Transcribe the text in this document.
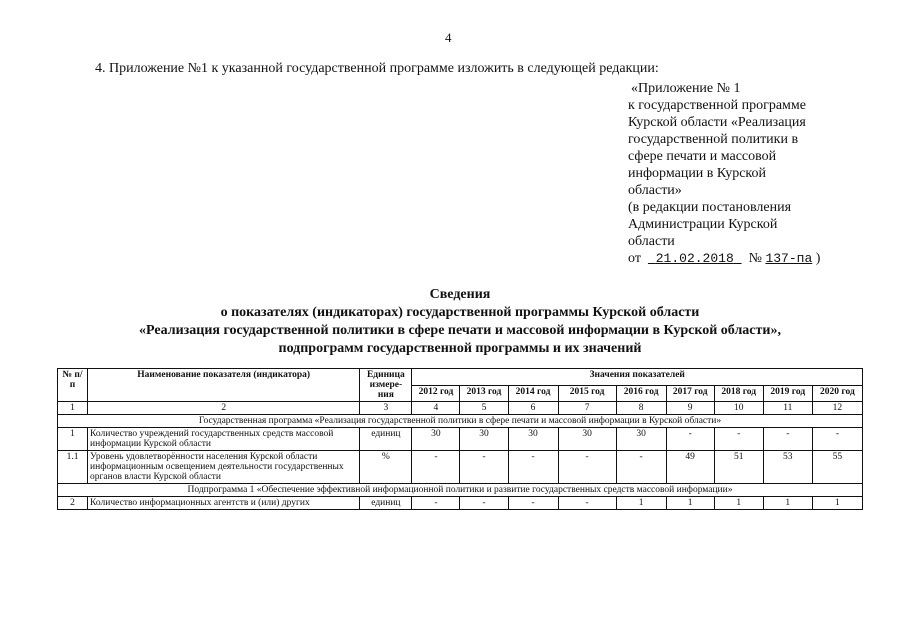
4
4. Приложение №1 к указанной государственной программе изложить в следующей редакции:
«Приложение № 1
к государственной программе
Курской области «Реализация
государственной политики в
сфере печати и массовой
информации в Курской
области»
(в редакции постановления
Администрации Курской
области
от 21.02.2018 № 137-па )
Сведения
о показателях (индикаторах) государственной программы Курской области
«Реализация государственной политики в сфере печати и массовой информации в Курской области»,
подпрограмм государственной программы и их значений
№ п/п	Наименование показателя (индикатора)	Единица измере-ния	Значения показателей								
			2012 год	2013 год	2014 год	2015 год	2016 год	2017 год	2018 год	2019 год	2020 год
1	2	3	4	5	6	7	8	9	10	11	12
Государственная программа «Реализация государственной политики в сфере печати и массовой информации в Курской области»											
1	Количество учреждений государственных средств массовой информации Курской области	единиц	30	30	30	30	30	-	-	-	-
1.1	Уровень удовлетворённости населения Курской области информационным освещением деятельности государственных органов власти Курской области	%	-	-	-	-	-	49	51	53	55
Подпрограмма 1 «Обеспечение эффективной информационной политики и развитие государственных средств массовой информации»											
2	Количество информационных агентств и (или) других	единиц	-	-	-	-	1	1	1	1	1
